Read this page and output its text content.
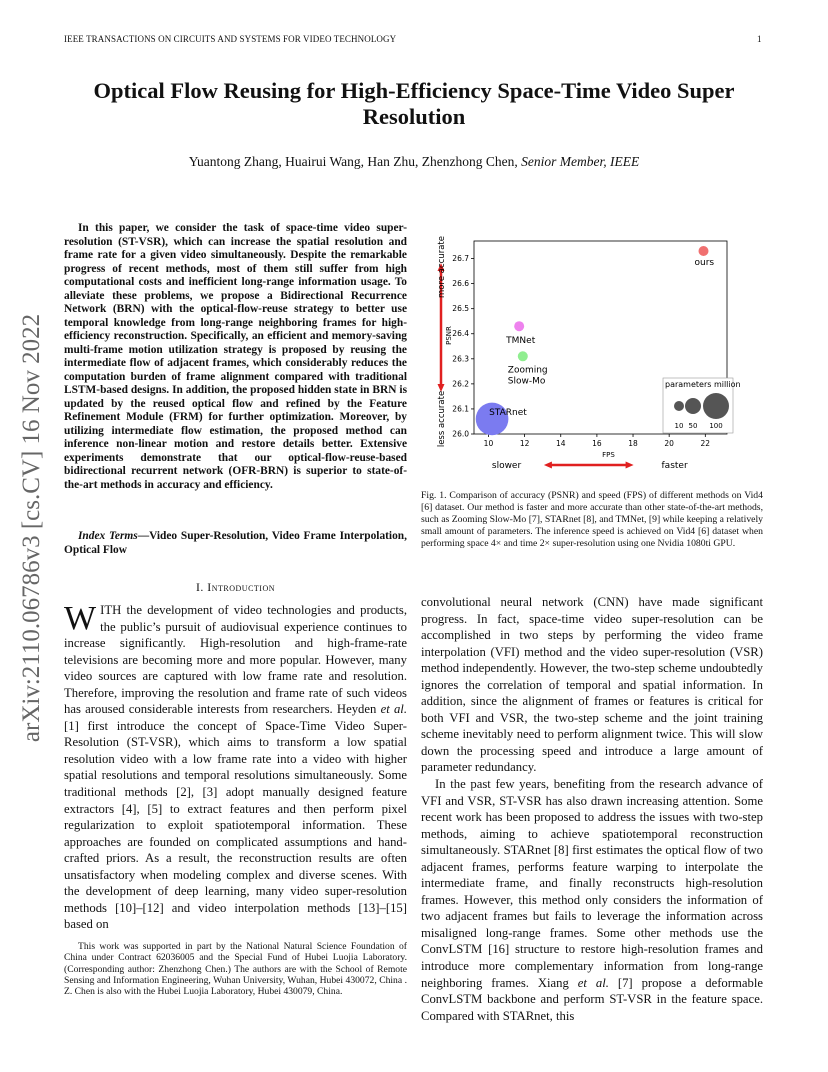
IEEE TRANSACTIONS ON CIRCUITS AND SYSTEMS FOR VIDEO TECHNOLOGY	1
arXiv:2110.06786v3 [cs.CV] 16 Nov 2022
Optical Flow Reusing for High-Efficiency Space-Time Video Super Resolution
Yuantong Zhang, Huairui Wang, Han Zhu, Zhenzhong Chen, Senior Member, IEEE

In this paper, we consider the task of space-time video super-resolution (ST-VSR), which can increase the spatial resolution and frame rate for a given video simultaneously. Despite the remarkable progress of recent methods, most of them still suffer from high computational costs and inefficient long-range information usage. To alleviate these problems, we propose a Bidirectional Recurrence Network (BRN) with the optical-flow-reuse strategy to better use temporal knowledge from long-range neighboring frames for high-efficiency reconstruction. Specifically, an efficient and memory-saving multi-frame motion utilization strategy is proposed by reusing the intermediate flow of adjacent frames, which considerably reduces the computation burden of frame alignment compared with traditional LSTM-based designs. In addition, the proposed hidden state in BRN is updated by the reused optical flow and refined by the Feature Refinement Module (FRM) for further optimization. Moreover, by utilizing intermediate flow estimation, the proposed method can inference non-linear motion and restore details better. Extensive experiments demonstrate that our optical-flow-reuse-based bidirectional recurrent network (OFR-BRN) is superior to state-of-the-art methods in accuracy and efficiency.

Index Terms—Video Super-Resolution, Video Frame Interpolation, Optical Flow

I. Introduction

WITH the development of video technologies and products, the public’s pursuit of audiovisual experience continues to increase significantly. High-resolution and high-frame-rate televisions are becoming more and more popular. However, many video sources are captured with low frame rate and resolution. Therefore, improving the resolution and frame rate of such videos has aroused considerable interests from researchers. Heyden et al. [1] first introduce the concept of Space-Time Video Super-Resolution (ST-VSR), which aims to transform a low spatial resolution video with a low frame rate into a video with higher spatial resolutions and temporal resolutions simultaneously. Some traditional methods [2], [3] adopt manually designed feature extractors [4], [5] to extract features and then perform pixel regularization to exploit spatiotemporal information. These approaches are founded on complicated assumptions and hand-crafted priors. As a result, the reconstruction results are often unsatisfactory when modeling complex and diverse scenes. With the development of deep learning, many video super-resolution methods [10]–[12] and video interpolation methods [13]–[15] based on

convolutional neural network (CNN) have made significant progress. In fact, space-time video super-resolution can be accomplished in two steps by performing the video frame interpolation (VFI) method and the video super-resolution (VSR) method independently. However, the two-step scheme undoubtedly ignores the correlation of temporal and spatial information. In addition, since the alignment of frames or features is critical for both VFI and VSR, the two-step scheme and the joint training scheme inevitably need to perform alignment twice. This will slow down the processing speed and introduce a large amount of parameter redundancy.

In the past few years, benefiting from the research advance of VFI and VSR, ST-VSR has also drawn increasing attention. Some recent work has been proposed to address the issues with two-step methods, aiming to achieve spatiotemporal reconstruction simultaneously. STARnet [8] first estimates the optical flow of two adjacent frames, performs feature warping to interpolate the intermediate frame, and finally reconstructs high-resolution frames. However, this method only considers the information of two adjacent frames but fails to leverage the information across misaligned long-range frames. Some other methods use the ConvLSTM [16] structure to restore high-resolution frames and introduce more complementary information from long-range neighboring frames. Xiang et al. [7] propose a deformable ConvLSTM backbone and perform ST-VSR in the feature space. Compared with STARnet, this

This work was supported in part by the National Natural Science Foundation of China under Contract 62036005 and the Special Fund of Hubei Luojia Laboratory. (Corresponding author: Zhenzhong Chen.) The authors are with the School of Remote Sensing and Information Engineering, Wuhan University, Wuhan, Hubei 430072, China . Z. Chen is also with the Hubei Luojia Laboratory, Hubei 430079, China.

10	12	14	16	18	20	22
26.0
26.1
26.2
26.3
26.4
26.5
26.6
26.7
FPS
PSNR
ours
TMNet
Zooming
Slow-Mo
STARnet
parameters million
10 50 100
more accurate
less accurate
slower	faster
Fig. 1. Comparison of accuracy (PSNR) and speed (FPS) of different methods on Vid4 [6] dataset. Our method is faster and more accurate than other state-of-the-art methods, such as Zooming Slow-Mo [7], STARnet [8], and TMNet, [9] while keeping a relatively small amount of parameters. The inference speed is achieved on Vid4 [6] dataset when performing space 4× and time 2× super-resolution using one Nvidia 1080ti GPU.
